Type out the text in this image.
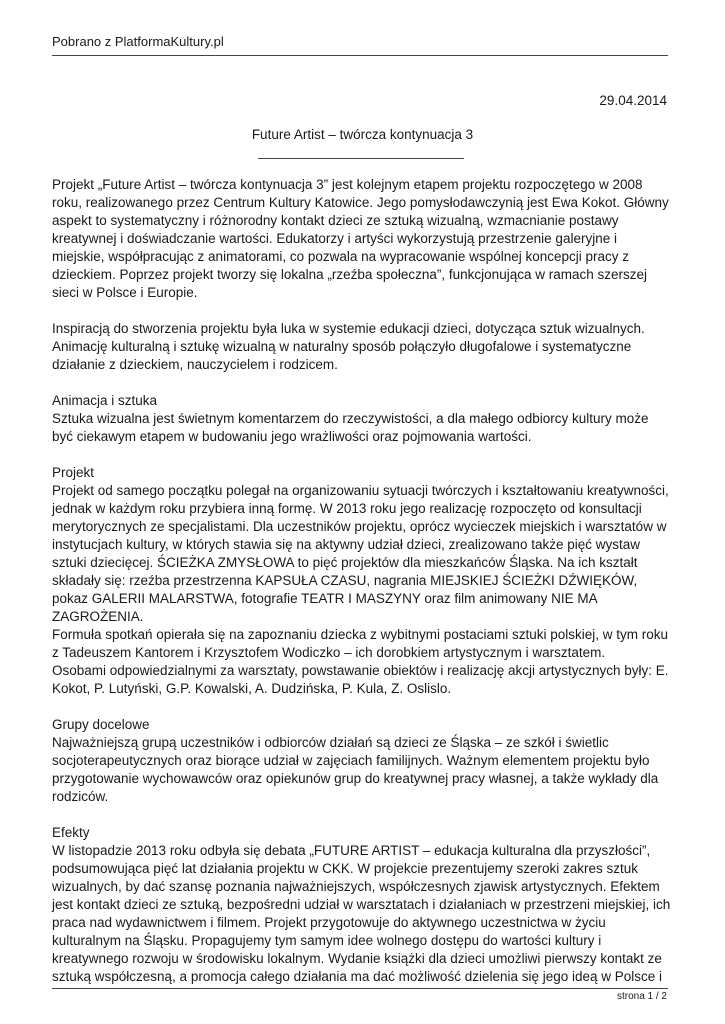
Pobrano z PlatformaKultury.pl
29.04.2014
Future Artist – twórcza kontynuacja 3

Projekt „Future Artist – twórcza kontynuacja 3” jest kolejnym etapem projektu rozpoczętego w 2008

roku, realizowanego przez Centrum Kultury Katowice. Jego pomysłodawczynią jest Ewa Kokot. Główny

aspekt to systematyczny i różnorodny kontakt dzieci ze sztuką wizualną, wzmacnianie postawy

kreatywnej i doświadczanie wartości. Edukatorzy i artyści wykorzystują przestrzenie galeryjne i

miejskie, współpracując z animatorami, co pozwala na wypracowanie wspólnej koncepcji pracy z

dzieckiem. Poprzez projekt tworzy się lokalna „rzeźba społeczna”, funkcjonująca w ramach szerszej

sieci w Polsce i Europie.

Inspiracją do stworzenia projektu była luka w systemie edukacji dzieci, dotycząca sztuk wizualnych.

Animację kulturalną i sztukę wizualną w naturalny sposób połączyło długofalowe i systematyczne

działanie z dzieckiem, nauczycielem i rodzicem.

Animacja i sztuka

Sztuka wizualna jest świetnym komentarzem do rzeczywistości, a dla małego odbiorcy kultury może

być ciekawym etapem w budowaniu jego wrażliwości oraz pojmowania wartości.

Projekt

Projekt od samego początku polegał na organizowaniu sytuacji twórczych i kształtowaniu kreatywności,

jednak w każdym roku przybiera inną formę. W 2013 roku jego realizację rozpoczęto od konsultacji

merytorycznych ze specjalistami. Dla uczestników projektu, oprócz wycieczek miejskich i warsztatów w

instytucjach kultury, w których stawia się na aktywny udział dzieci, zrealizowano także pięć wystaw

sztuki dziecięcej. ŚCIEŻKA ZMYSŁOWA to pięć projektów dla mieszkańców Śląska. Na ich kształt

składały się: rzeźba przestrzenna KAPSUŁA CZASU, nagrania MIEJSKIEJ ŚCIEŻKI DŹWIĘKÓW,

pokaz GALERII MALARSTWA, fotografie TEATR I MASZYNY oraz film animowany NIE MA

ZAGROŻENIA.

Formuła spotkań opierała się na zapoznaniu dziecka z wybitnymi postaciami sztuki polskiej, w tym roku

z Tadeuszem Kantorem i Krzysztofem Wodiczko – ich dorobkiem artystycznym i warsztatem.

Osobami odpowiedzialnymi za warsztaty, powstawanie obiektów i realizację akcji artystycznych były: E.

Kokot, P. Lutyński, G.P. Kowalski, A. Dudzińska, P. Kula, Z. Oslislo.

Grupy docelowe

Najważniejszą grupą uczestników i odbiorców działań są dzieci ze Śląska – ze szkół i świetlic

socjoterapeutycznych oraz biorące udział w zajęciach familijnych. Ważnym elementem projektu było

przygotowanie wychowawców oraz opiekunów grup do kreatywnej pracy własnej, a także wykłady dla

rodziców.

Efekty

W listopadzie 2013 roku odbyła się debata „FUTURE ARTIST – edukacja kulturalna dla przyszłości”,

podsumowująca pięć lat działania projektu w CKK. W projekcie prezentujemy szeroki zakres sztuk

wizualnych, by dać szansę poznania najważniejszych, współczesnych zjawisk artystycznych. Efektem

jest kontakt dzieci ze sztuką, bezpośredni udział w warsztatach i działaniach w przestrzeni miejskiej, ich

praca nad wydawnictwem i filmem. Projekt przygotowuje do aktywnego uczestnictwa w życiu

kulturalnym na Śląsku. Propagujemy tym samym idee wolnego dostępu do wartości kultury i

kreatywnego rozwoju w środowisku lokalnym. Wydanie książki dla dzieci umożliwi pierwszy kontakt ze

sztuką współczesną, a promocja całego działania ma dać możliwość dzielenia się jego ideą w Polsce i

strona 1 / 2
